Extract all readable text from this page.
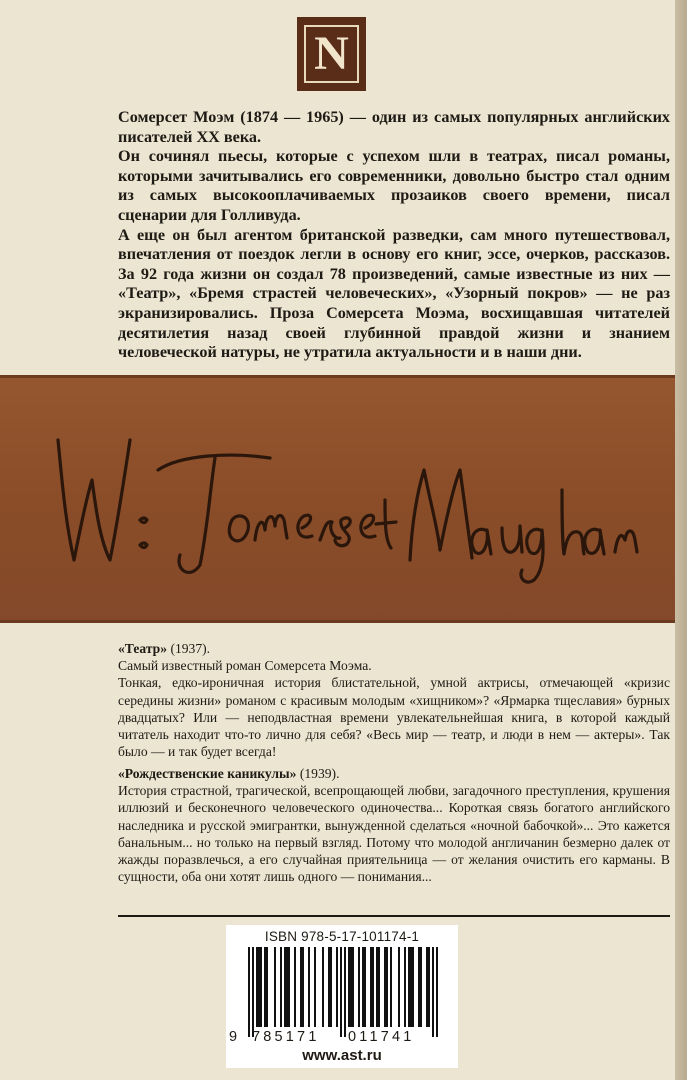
N

Сомерсет Моэм (1874 — 1965) — один из самых популярных английских писателей XX века.

Он сочинял пьесы, которые с успехом шли в театрах, писал романы, которыми зачитывались его современники, довольно быстро стал одним из самых высокооплачиваемых прозаиков своего времени, писал сценарии для Голливуда.

А еще он был агентом британской разведки, сам много путешествовал, впечатления от поездок легли в основу его книг, эссе, очерков, рассказов. За 92 года жизни он создал 78 произведений, самые известные из них — «Театр», «Бремя страстей человеческих», «Узорный покров» — не раз экранизировались. Проза Сомерсета Моэма, восхищавшая читателей десятилетия назад своей глубинной правдой жизни и знанием человеческой натуры, не утратила актуальности и в наши дни.

«Театр» (1937).

Самый известный роман Сомерсета Моэма.

Тонкая, едко-ироничная история блистательной, умной актрисы, отмечающей «кризис середины жизни» романом с красивым молодым «хищником»? «Ярмарка тщеславия» бурных двадцатых? Или — неподвластная времени увлекательнейшая книга, в которой каждый читатель находит что-то лично для себя? «Весь мир — театр, и люди в нем — актеры». Так было — и так будет всегда!

«Рождественские каникулы» (1939).

История страстной, трагической, всепрощающей любви, загадочного преступления, крушения иллюзий и бесконечного человеческого одиночества... Короткая связь богатого английского наследника и русской эмигрантки, вынужденной сделаться «ночной бабочкой»... Это кажется банальным... но только на первый взгляд. Потому что молодой англичанин безмерно далек от жажды поразвлечься, а его случайная приятельница — от желания очистить его карманы. В сущности, оба они хотят лишь одного — понимания...

ISBN 978-5-17-101174-1
9 785171 011741
www.ast.ru
